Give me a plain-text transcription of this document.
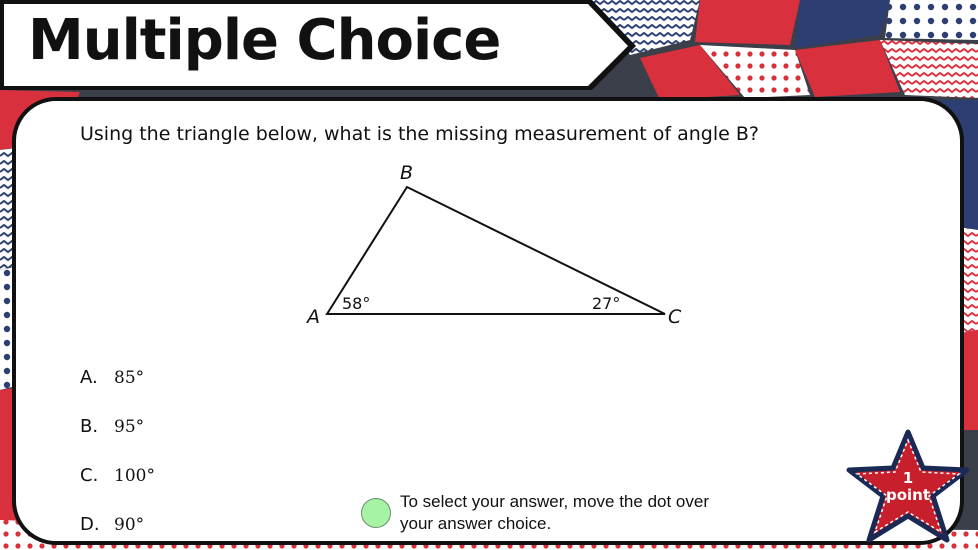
Multiple Choice
Using the triangle below, what is the missing measurement of angle B?
B
A	C
58°	27°
A. 85°
B. 95°
C. 100°
D. 90°
To select your answer, move the dot over
your answer choice.
1
point
